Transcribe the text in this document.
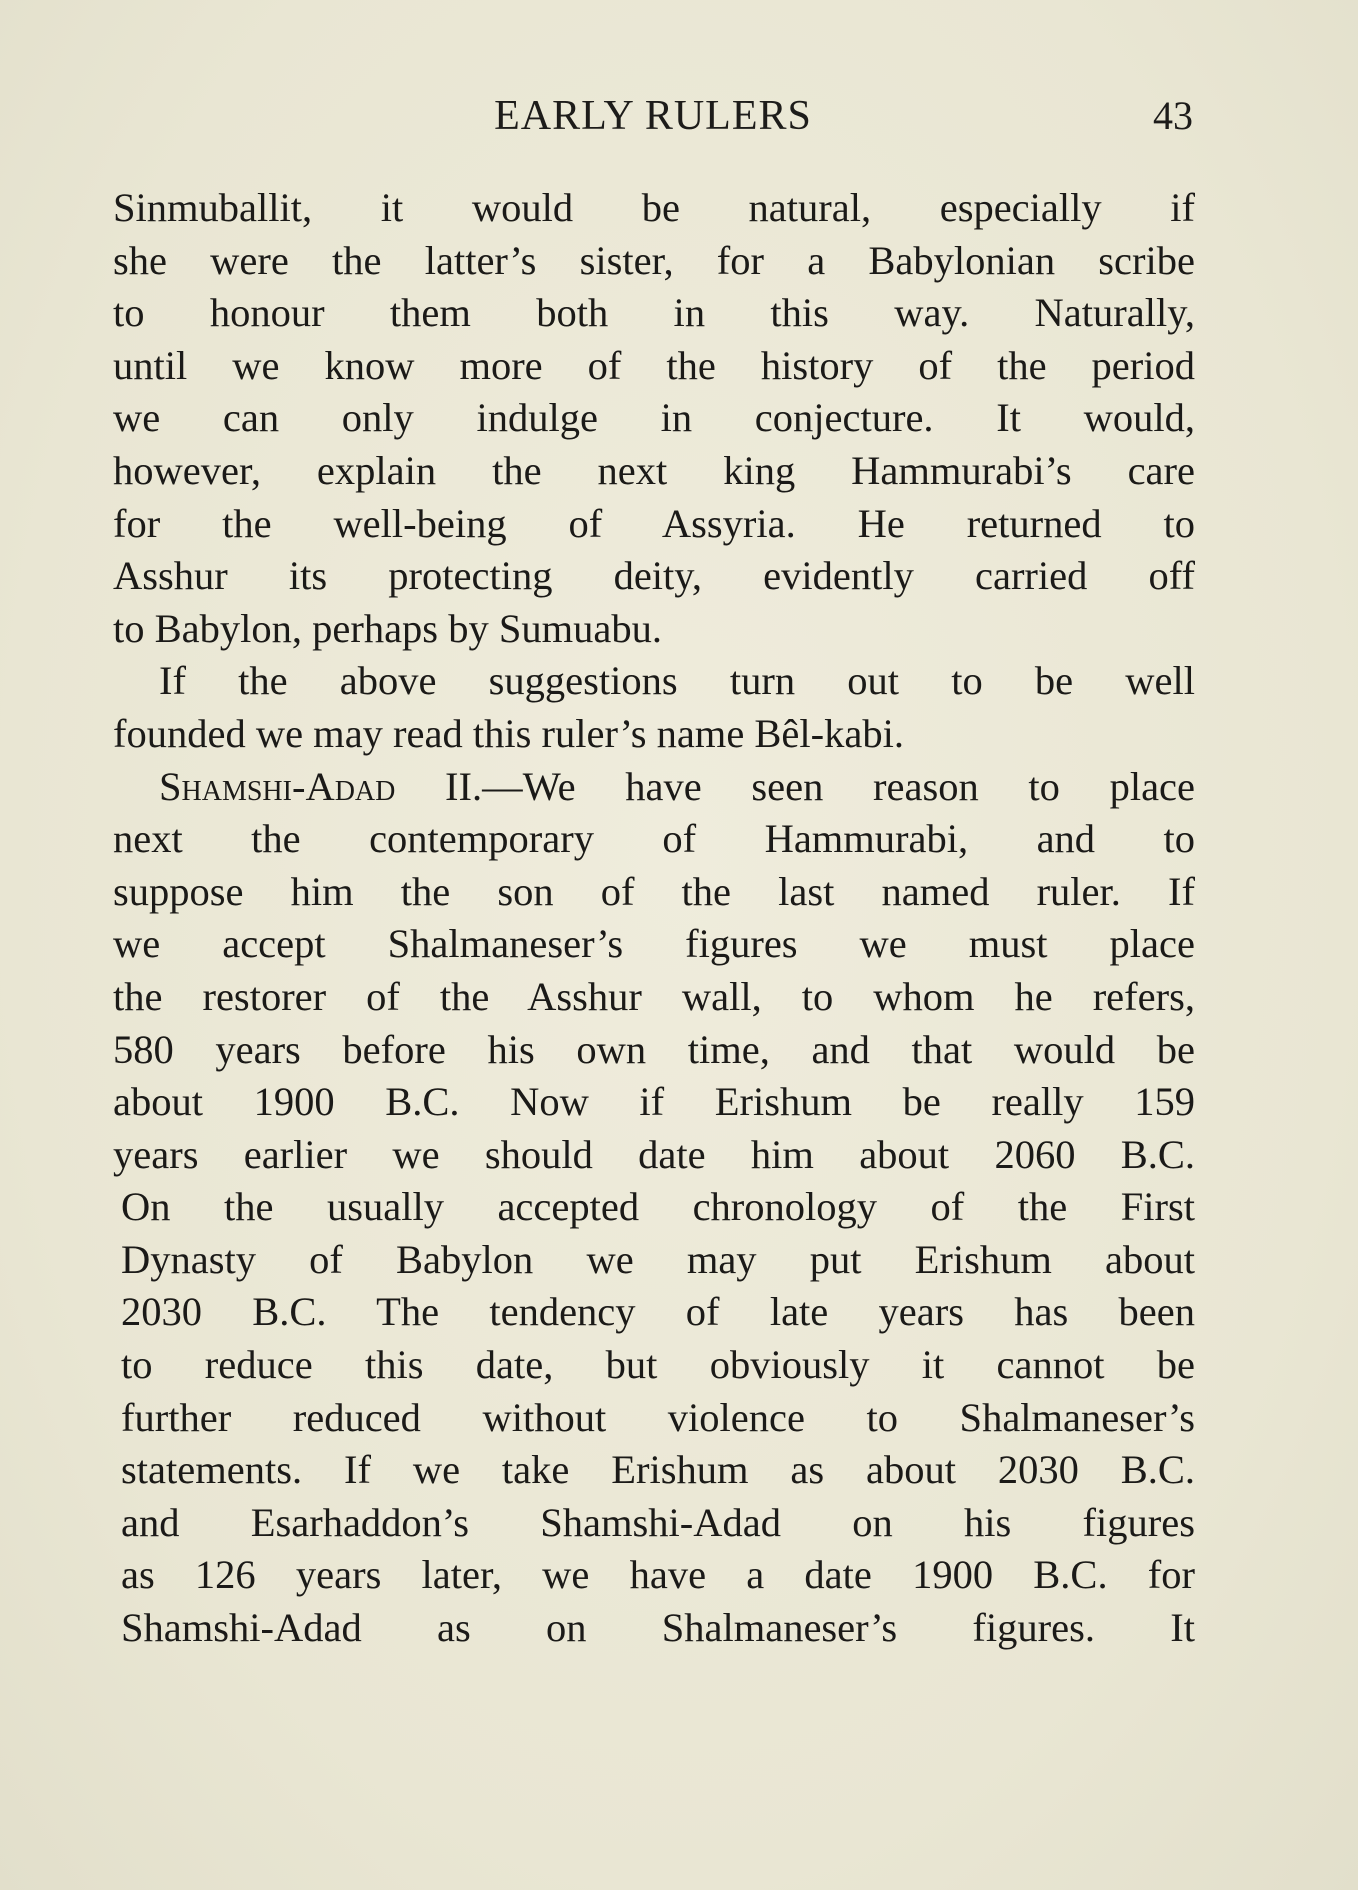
EARLY RULERS	43
Sinmuballit, it would be natural, especially if
she were the latter’s sister, for a Babylonian scribe
to honour them both in this way. Naturally,
until we know more of the history of the period
we can only indulge in conjecture. It would,
however, explain the next king Hammurabi’s care
for the well-being of Assyria. He returned to
Asshur its protecting deity, evidently carried off
to Babylon, perhaps by Sumuabu.
If the above suggestions turn out to be well
founded we may read this ruler’s name Bêl-kabi.
Shamshi-Adad II.—We have seen reason to place
next the contemporary of Hammurabi, and to
suppose him the son of the last named ruler. If
we accept Shalmaneser’s figures we must place
the restorer of the Asshur wall, to whom he refers,
580 years before his own time, and that would be
about 1900 B.C. Now if Erishum be really 159
years earlier we should date him about 2060 B.C.
On the usually accepted chronology of the First
Dynasty of Babylon we may put Erishum about
2030 B.C. The tendency of late years has been
to reduce this date, but obviously it cannot be
further reduced without violence to Shalmaneser’s
statements. If we take Erishum as about 2030 B.C.
and Esarhaddon’s Shamshi-Adad on his figures
as 126 years later, we have a date 1900 B.C. for
Shamshi-Adad as on Shalmaneser’s figures. It
